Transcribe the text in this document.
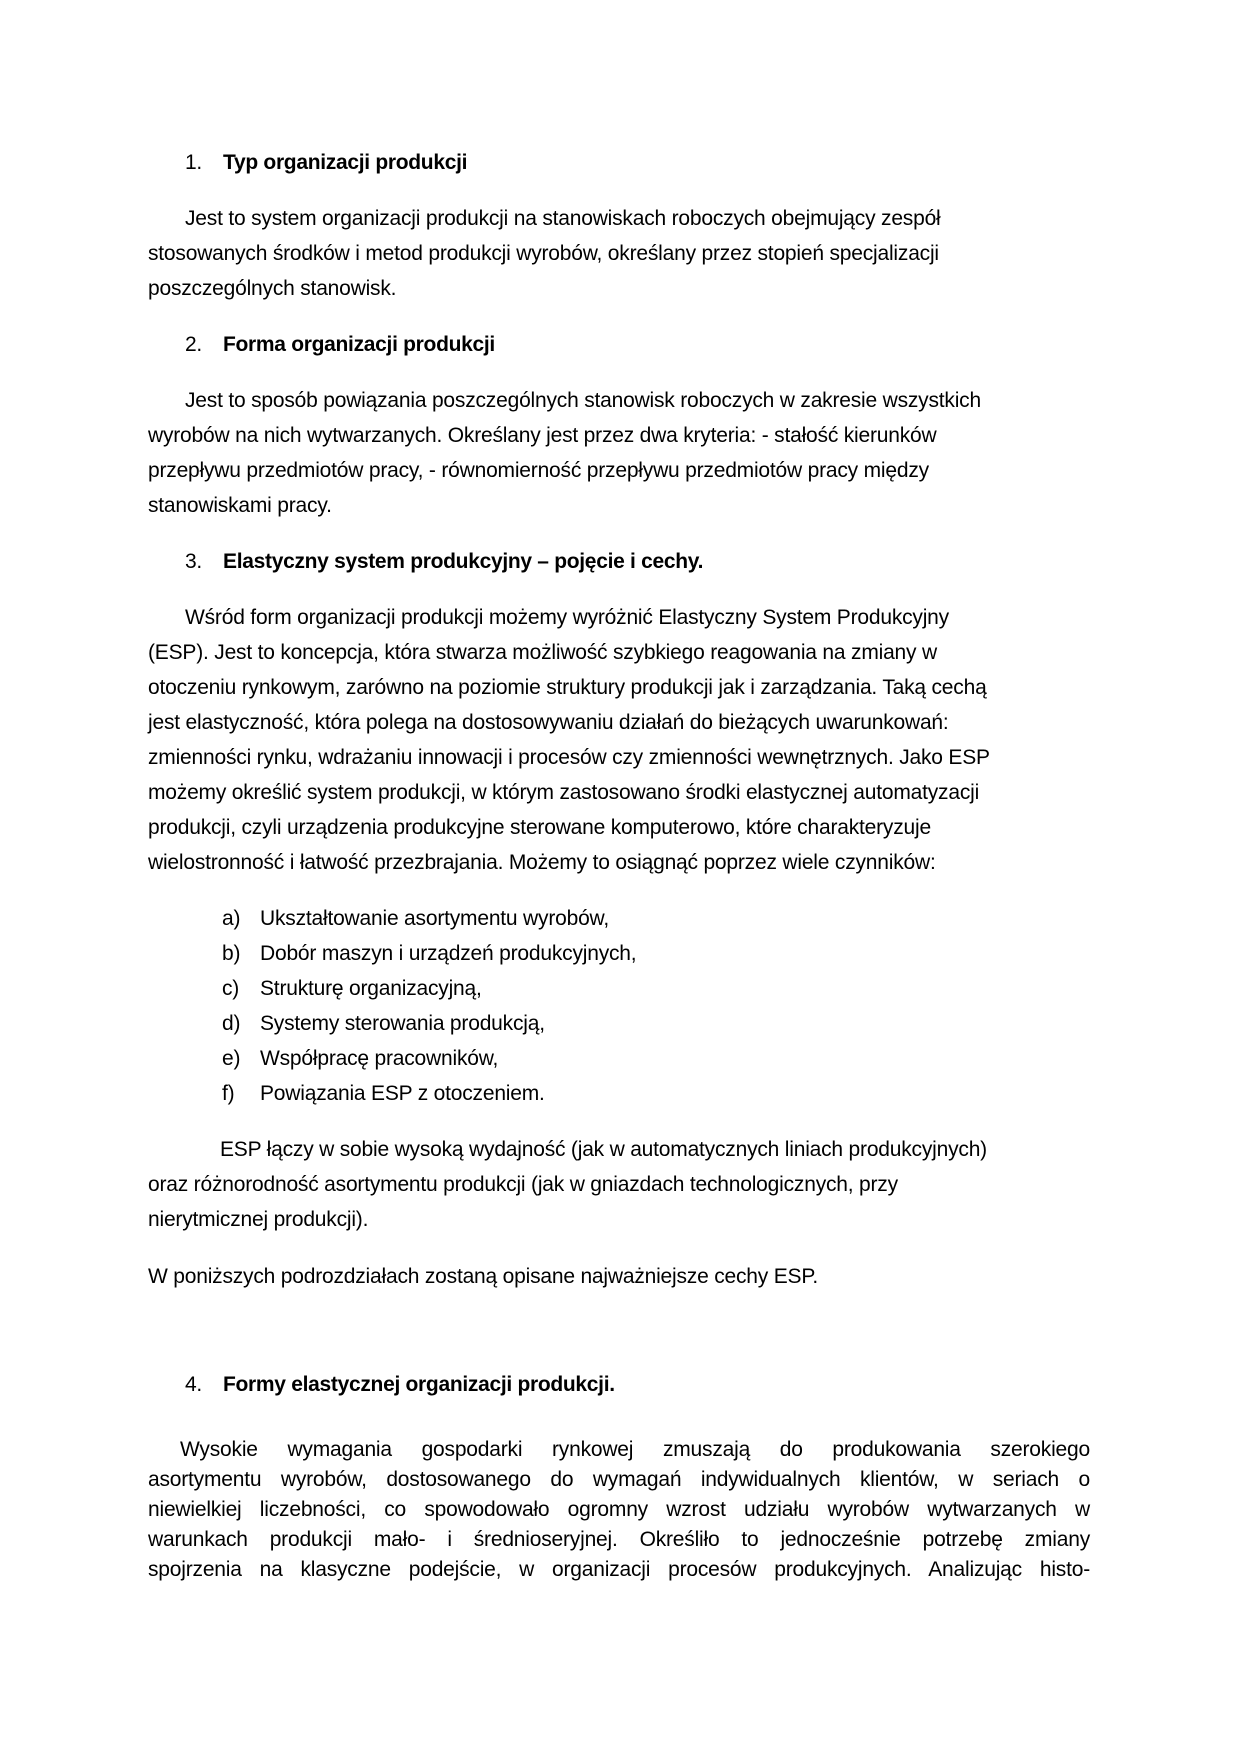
1. Typ organizacji produkcji
Jest to system organizacji produkcji na stanowiskach roboczych obejmujący zespół
stosowanych środków i metod produkcji wyrobów, określany przez stopień specjalizacji
poszczególnych stanowisk.
2. Forma organizacji produkcji
Jest to sposób powiązania poszczególnych stanowisk roboczych w zakresie wszystkich
wyrobów na nich wytwarzanych. Określany jest przez dwa kryteria: - stałość kierunków
przepływu przedmiotów pracy, - równomierność przepływu przedmiotów pracy między
stanowiskami pracy.
3. Elastyczny system produkcyjny – pojęcie i cechy.
Wśród form organizacji produkcji możemy wyróżnić Elastyczny System Produkcyjny
(ESP). Jest to koncepcja, która stwarza możliwość szybkiego reagowania na zmiany w
otoczeniu rynkowym, zarówno na poziomie struktury produkcji jak i zarządzania. Taką cechą
jest elastyczność, która polega na dostosowywaniu działań do bieżących uwarunkowań:
zmienności rynku, wdrażaniu innowacji i procesów czy zmienności wewnętrznych. Jako ESP
możemy określić system produkcji, w którym zastosowano środki elastycznej automatyzacji
produkcji, czyli urządzenia produkcyjne sterowane komputerowo, które charakteryzuje
wielostronność i łatwość przezbrajania. Możemy to osiągnąć poprzez wiele czynników:
a) Ukształtowanie asortymentu wyrobów,
b) Dobór maszyn i urządzeń produkcyjnych,
c) Strukturę organizacyjną,
d) Systemy sterowania produkcją,
e) Współpracę pracowników,
f) Powiązania ESP z otoczeniem.
ESP łączy w sobie wysoką wydajność (jak w automatycznych liniach produkcyjnych)
oraz różnorodność asortymentu produkcji (jak w gniazdach technologicznych, przy
nierytmicznej produkcji).
W poniższych podrozdziałach zostaną opisane najważniejsze cechy ESP.
4. Formy elastycznej organizacji produkcji.
Wysokie wymagania gospodarki rynkowej zmuszają do produkowania szerokiego
asortymentu wyrobów, dostosowanego do wymagań indywidualnych klientów, w seriach o
niewielkiej liczebności, co spowodowało ogromny wzrost udziału wyrobów wytwarzanych w
warunkach produkcji mało- i średnioseryjnej. Określiło to jednocześnie potrzebę zmiany
spojrzenia na klasyczne podejście, w organizacji procesów produkcyjnych. Analizując histo-
